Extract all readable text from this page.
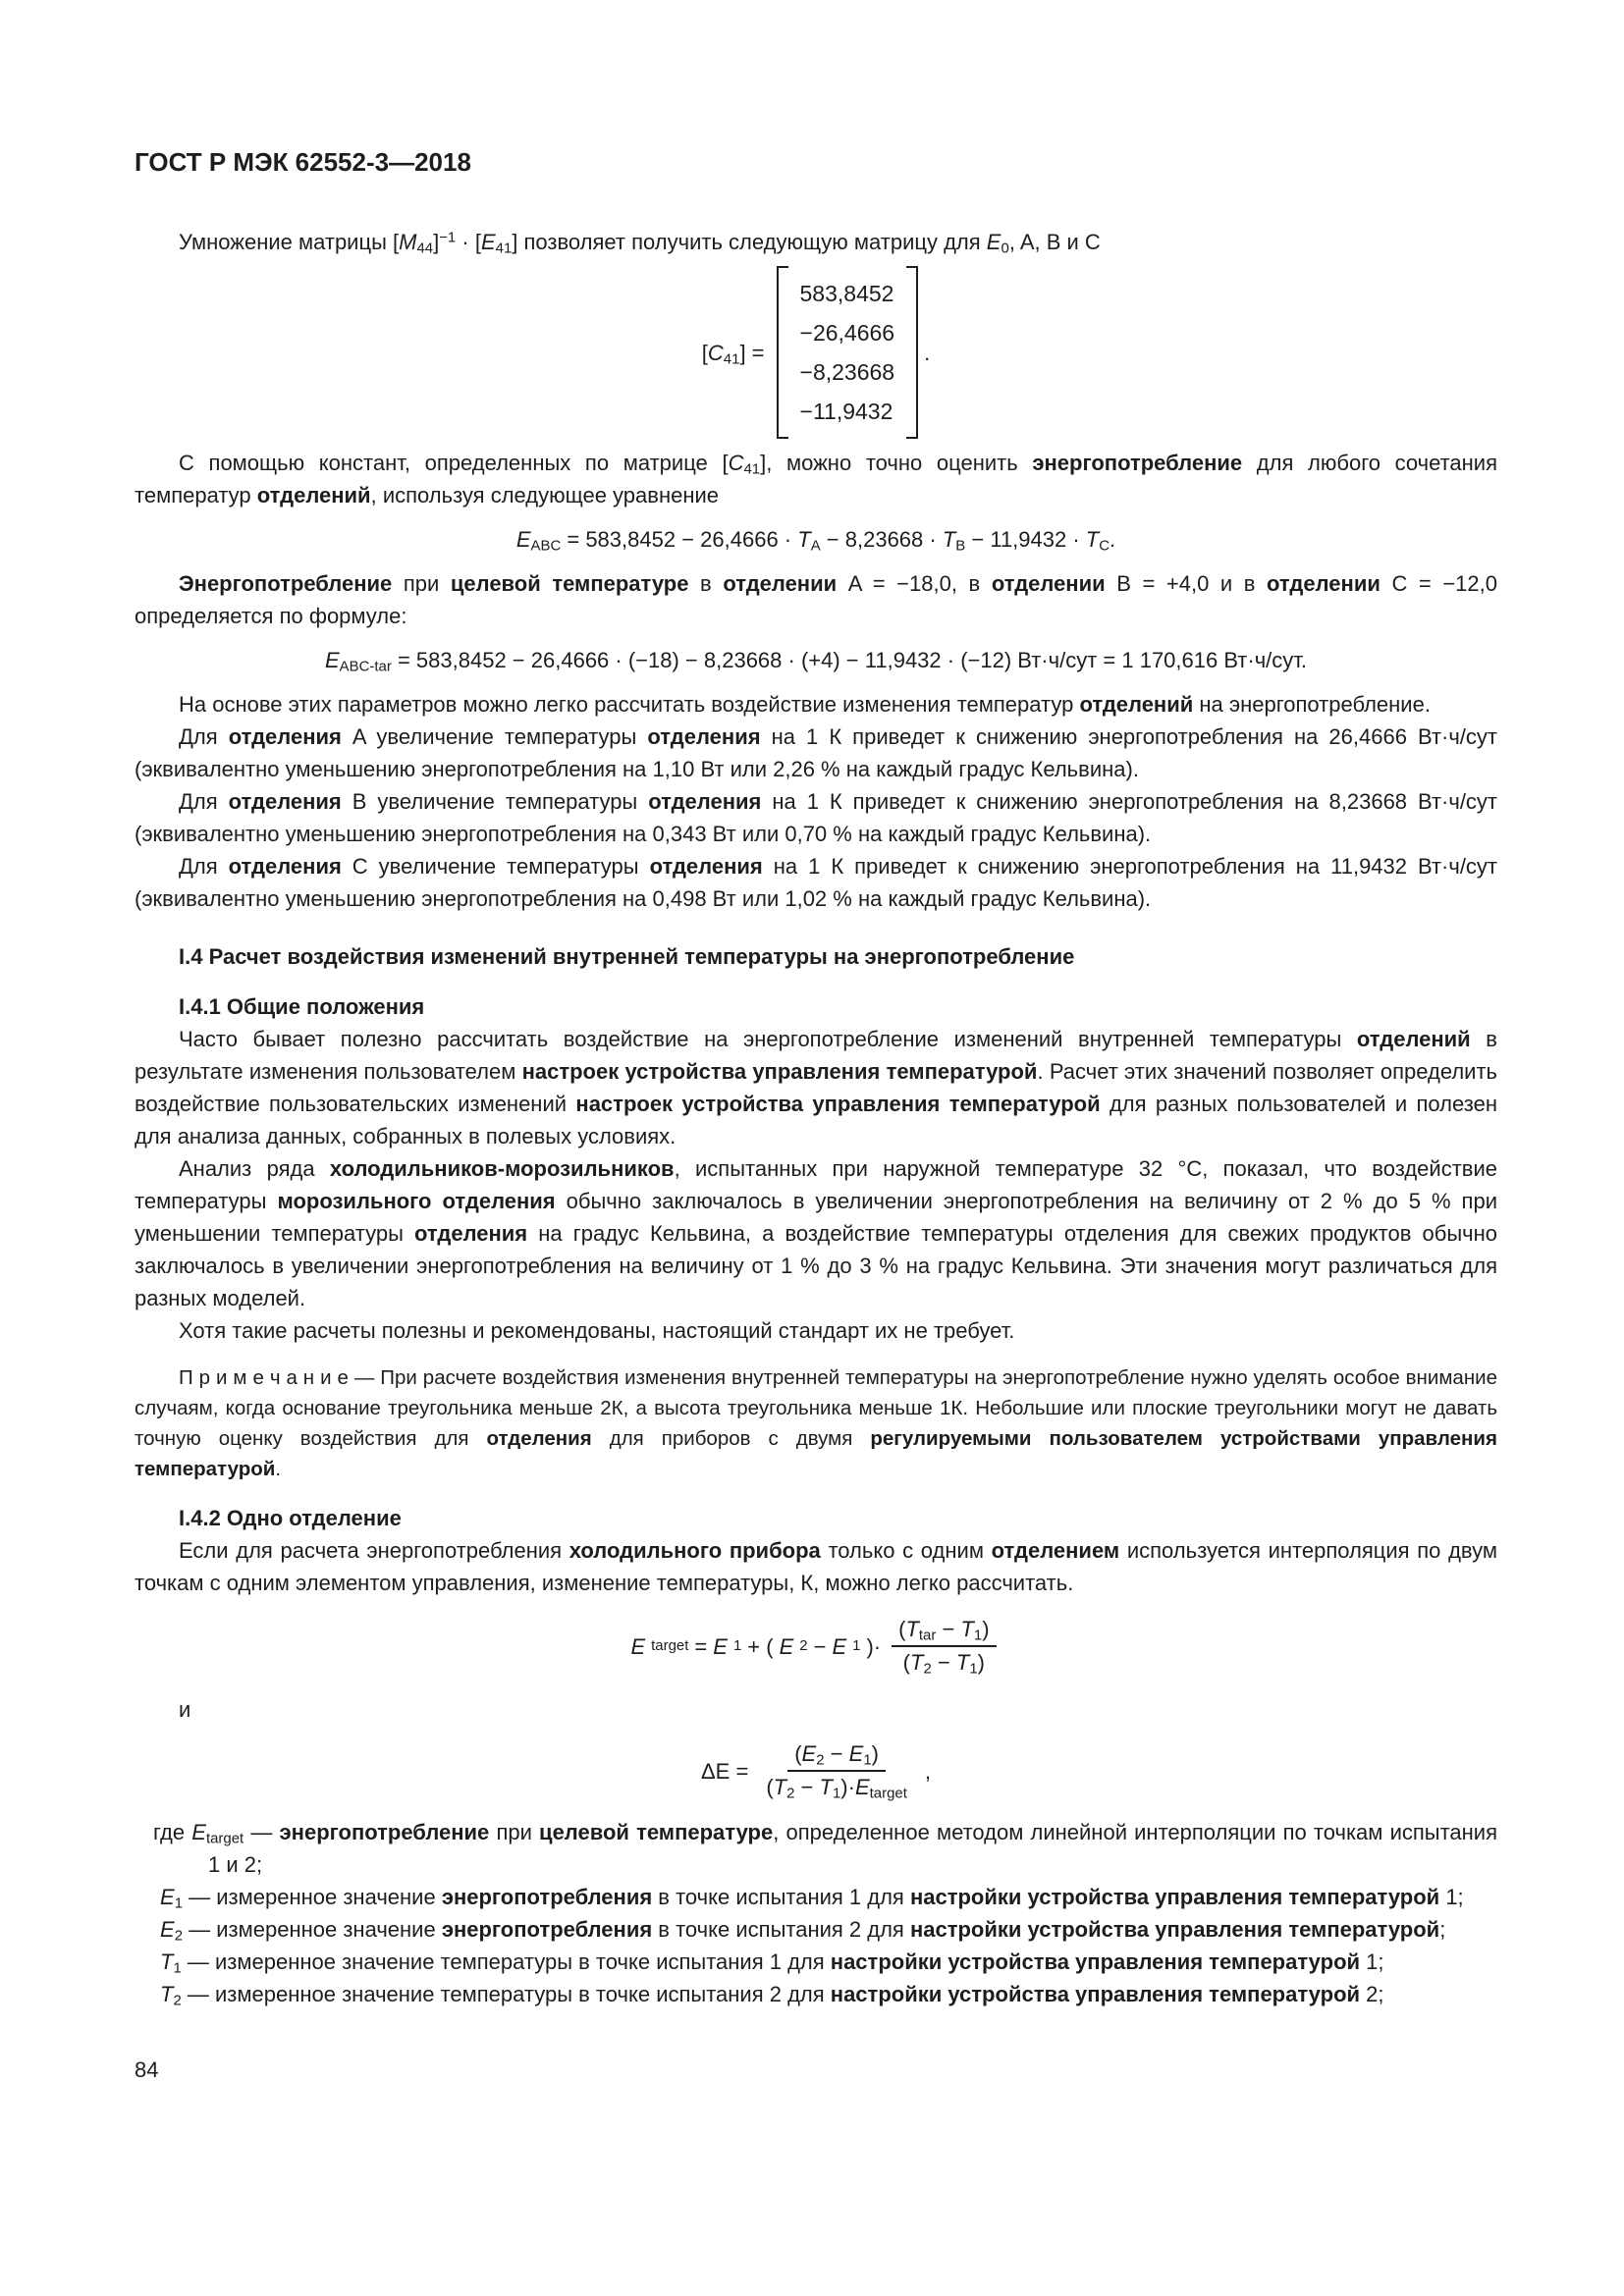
ГОСТ Р МЭК 62552-3—2018

Умножение матрицы $[M_{44}]^{-1} \cdot [E_{41}]$ позволяет получить следующую матрицу для $E_0$, A, B и C

$[C_{41}]$ =
583,8452
−26,4666
−8,23668
−11,9432
.

С помощью констант, определенных по матрице $[C_{41}]$, можно точно оценить энергопотребление для любого сочетания температур отделений, используя следующее уравнение

$E_{ABC} = 583,8452 - 26,4666 \cdot T_A - 8,23668 \cdot T_B - 11,9432 \cdot T_C$.

Энергопотребление при целевой температуре в отделении A = −18,0, в отделении B = +4,0 и в отделении C = −12,0 определяется по формуле:

$E_{ABC-tar} = 583,8452 - 26,4666 \cdot (-18) - 8,23668 \cdot (+4) - 11,9432 \cdot (-12) Вт\cdot ч/сут = 1$ 170,616 Вт·ч/сут.

На основе этих параметров можно легко рассчитать воздействие изменения температур отделений на энергопотребление.

Для отделения A увеличение температуры отделения на 1 К приведет к снижению энергопотребления на 26,4666 Вт·ч/сут (эквивалентно уменьшению энергопотребления на 1,10 Вт или 2,26 % на каждый градус Кельвина).

Для отделения B увеличение температуры отделения на 1 К приведет к снижению энергопотребления на 8,23668 Вт·ч/сут (эквивалентно уменьшению энергопотребления на 0,343 Вт или 0,70 % на каждый градус Кельвина).

Для отделения C увеличение температуры отделения на 1 К приведет к снижению энергопотребления на 11,9432 Вт·ч/сут (эквивалентно уменьшению энергопотребления на 0,498 Вт или 1,02 % на каждый градус Кельвина).

I.4 Расчет воздействия изменений внутренней температуры на энергопотребление

I.4.1 Общие положения

Часто бывает полезно рассчитать воздействие на энергопотребление изменений внутренней температуры отделений в результате изменения пользователем настроек устройства управления температурой. Расчет этих значений позволяет определить воздействие пользовательских изменений настроек устройства управления температурой для разных пользователей и полезен для анализа данных, собранных в полевых условиях.

Анализ ряда холодильников-морозильников, испытанных при наружной температуре 32 °C, показал, что воздействие температуры морозильного отделения обычно заключалось в увеличении энергопотребления на величину от 2 % до 5 % при уменьшении температуры отделения на градус Кельвина, а воздействие температуры отделения для свежих продуктов обычно заключалось в увеличении энергопотребления на величину от 1 % до 3 % на градус Кельвина. Эти значения могут различаться для разных моделей.

Хотя такие расчеты полезны и рекомендованы, настоящий стандарт их не требует.

П р и м е ч а н и е — При расчете воздействия изменения внутренней температуры на энергопотребление нужно уделять особое внимание случаям, когда основание треугольника меньше 2К, а высота треугольника меньше 1К. Небольшие или плоские треугольники могут не давать точную оценку воздействия для отделения для приборов с двумя регулируемыми пользователем устройствами управления температурой.

I.4.2 Одно отделение

Если для расчета энергопотребления холодильного прибора только с одним отделением используется интерполяция по двум точкам с одним элементом управления, изменение температуры, К, можно легко рассчитать.

E target = E 1 + ( E 2 − E 1 )· $\frac{(T_{tar} - T_1)}{(T_2 - T_1)}$

и

$\Delta E = \frac{(E_2 - E_1)}{(T_2 - T_1)\cdot E_{target}}$ ,
где $E_{target}$ — энергопотребление при целевой температуре, определенное методом линейной интерполяции по точкам испытания 1 и 2;
$E_1$ — измеренное значение энергопотребления в точке испытания 1 для настройки устройства управления температурой 1;
$E_2$ — измеренное значение энергопотребления в точке испытания 2 для настройки устройства управления температурой;
$T_1$ — измеренное значение температуры в точке испытания 1 для настройки устройства управления температурой 1;
$T_2$ — измеренное значение температуры в точке испытания 2 для настройки устройства управления температурой 2;
84
